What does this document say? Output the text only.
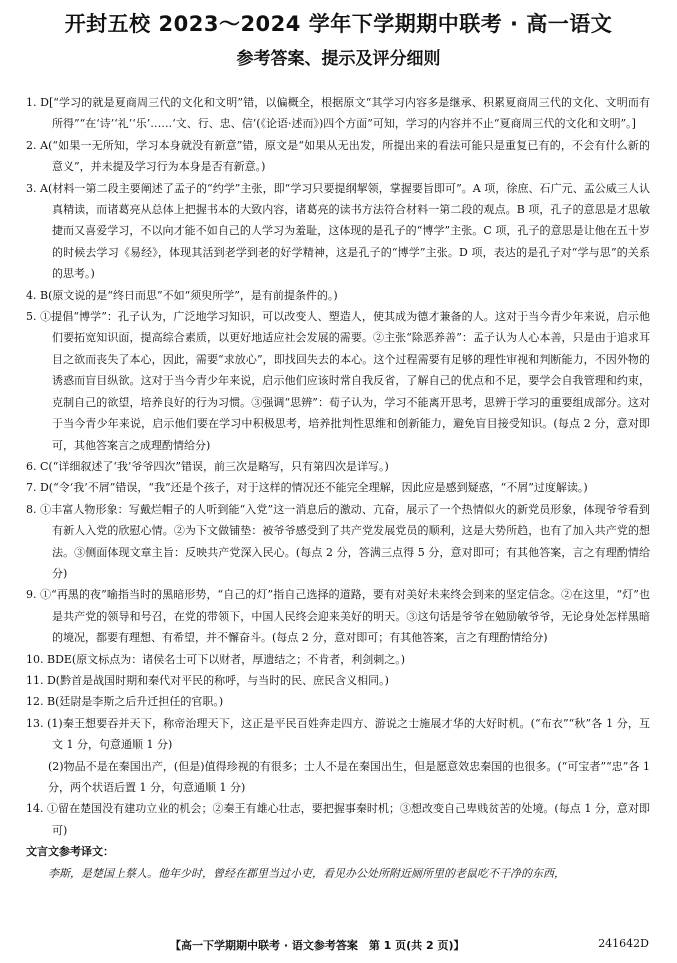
开封五校 2023～2024 学年下学期期中联考 · 高一语文
参考答案、提示及评分细则

1. D[“学习的就是夏商周三代的文化和文明”错，以偏概全，根据原文“其学习内容多是继承、积累夏商周三代的文化、文明而有所得”“在‘诗’‘礼’‘乐’……‘文、行、忠、信’(《论语·述而》)四个方面”可知，学习的内容并不止“夏商周三代的文化和文明”。]

2. A(“如果一无所知，学习本身就没有新意”错，原文是“如果从无出发，所提出来的看法可能只是重复已有的，不会有什么新的意义”，并未提及学习行为本身是否有新意。)

3. A(材料一第二段主要阐述了孟子的“约学”主张，即“学习只要提纲挈领，掌握要旨即可”。A 项，徐庶、石广元、孟公威三人认真精读，而诸葛亮从总体上把握书本的大致内容，诸葛亮的读书方法符合材料一第二段的观点。B 项，孔子的意思是才思敏捷而又喜爱学习，不以向才能不如自己的人学习为羞耻，这体现的是孔子的“博学”主张。C 项，孔子的意思是让他在五十岁的时候去学习《易经》，体现其活到老学到老的好学精神，这是孔子的“博学”主张。D 项，表达的是孔子对“学与思”的关系的思考。)

4. B(原文说的是“终日而思”不如“须臾所学”，是有前提条件的。)

5. ①提倡“博学”：孔子认为，广泛地学习知识，可以改变人、塑造人，使其成为德才兼备的人。这对于当今青少年来说，启示他们要拓宽知识面，提高综合素质，以更好地适应社会发展的需要。②主张“除恶养善”：孟子认为人心本善，只是由于追求耳目之欲而丧失了本心，因此，需要“求放心”，即找回失去的本心。这个过程需要有足够的理性审视和判断能力，不因外物的诱惑而盲目纵欲。这对于当今青少年来说，启示他们应该时常自我反省，了解自己的优点和不足，要学会自我管理和约束，克制自己的欲望，培养良好的行为习惯。③强调“思辨”：荀子认为，学习不能离开思考，思辨于学习的重要组成部分。这对于当今青少年来说，启示他们要在学习中积极思考，培养批判性思维和创新能力，避免盲目接受知识。(每点 2 分，意对即可，其他答案言之成理酌情给分)

6. C(“详细叙述了‘我’爷爷四次”错误，前三次是略写，只有第四次是详写。)

7. D(“令‘我’不屑”错误，“我”还是个孩子，对于这样的情况还不能完全理解，因此应是感到疑惑，“不屑”过度解读。)

8. ①丰富人物形象：写戴烂帽子的人听到能“入党”这一消息后的激动、亢奋，展示了一个热情似火的新党员形象，体现爷爷看到有新人入党的欣慰心情。②为下文做铺垫：被爷爷感受到了共产党发展党员的顺利，这是大势所趋，也有了加入共产党的想法。③侧面体现文章主旨：反映共产党深入民心。(每点 2 分，答满三点得 5 分，意对即可；有其他答案，言之有理酌情给分)

9. ①“再黑的夜”喻指当时的黑暗形势，“自己的灯”指自己选择的道路，要有对美好未来终会到来的坚定信念。②在这里，“灯”也是共产党的领导和号召，在党的带领下，中国人民终会迎来美好的明天。③这句话是爷爷在勉励敏爷爷，无论身处怎样黑暗的境况，都要有理想、有希望，并不懈奋斗。(每点 2 分，意对即可；有其他答案，言之有理酌情给分)

10. BDE(原文标点为：诸侯名士可下以财者，厚遗结之；不肯者，利剑刺之。)

11. D(黔首是战国时期和秦代对平民的称呼，与当时的民、庶民含义相同。)

12. B(廷尉是李斯之后升迁担任的官职。)

13. (1)秦王想要吞并天下，称帝治理天下，这正是平民百姓奔走四方、游说之士施展才华的大好时机。(“布衣”“秋”各 1 分，互文 1 分，句意通顺 1 分)

(2)物品不是在秦国出产，(但是)值得珍视的有很多；士人不是在秦国出生，但是愿意效忠秦国的也很多。(“可宝者”“忠”各 1 分，两个状语后置 1 分，句意通顺 1 分)

14. ①留在楚国没有建功立业的机会；②秦王有雄心壮志，要把握事秦时机；③想改变自己卑贱贫苦的处境。(每点 1 分，意对即可)

文言文参考译文：
李斯，是楚国上蔡人。他年少时，曾经在郡里当过小吏，看见办公处所附近厕所里的老鼠吃不干净的东西，
【高一下学期期中联考 · 语文参考答案　第 1 页(共 2 页)】	241642D
